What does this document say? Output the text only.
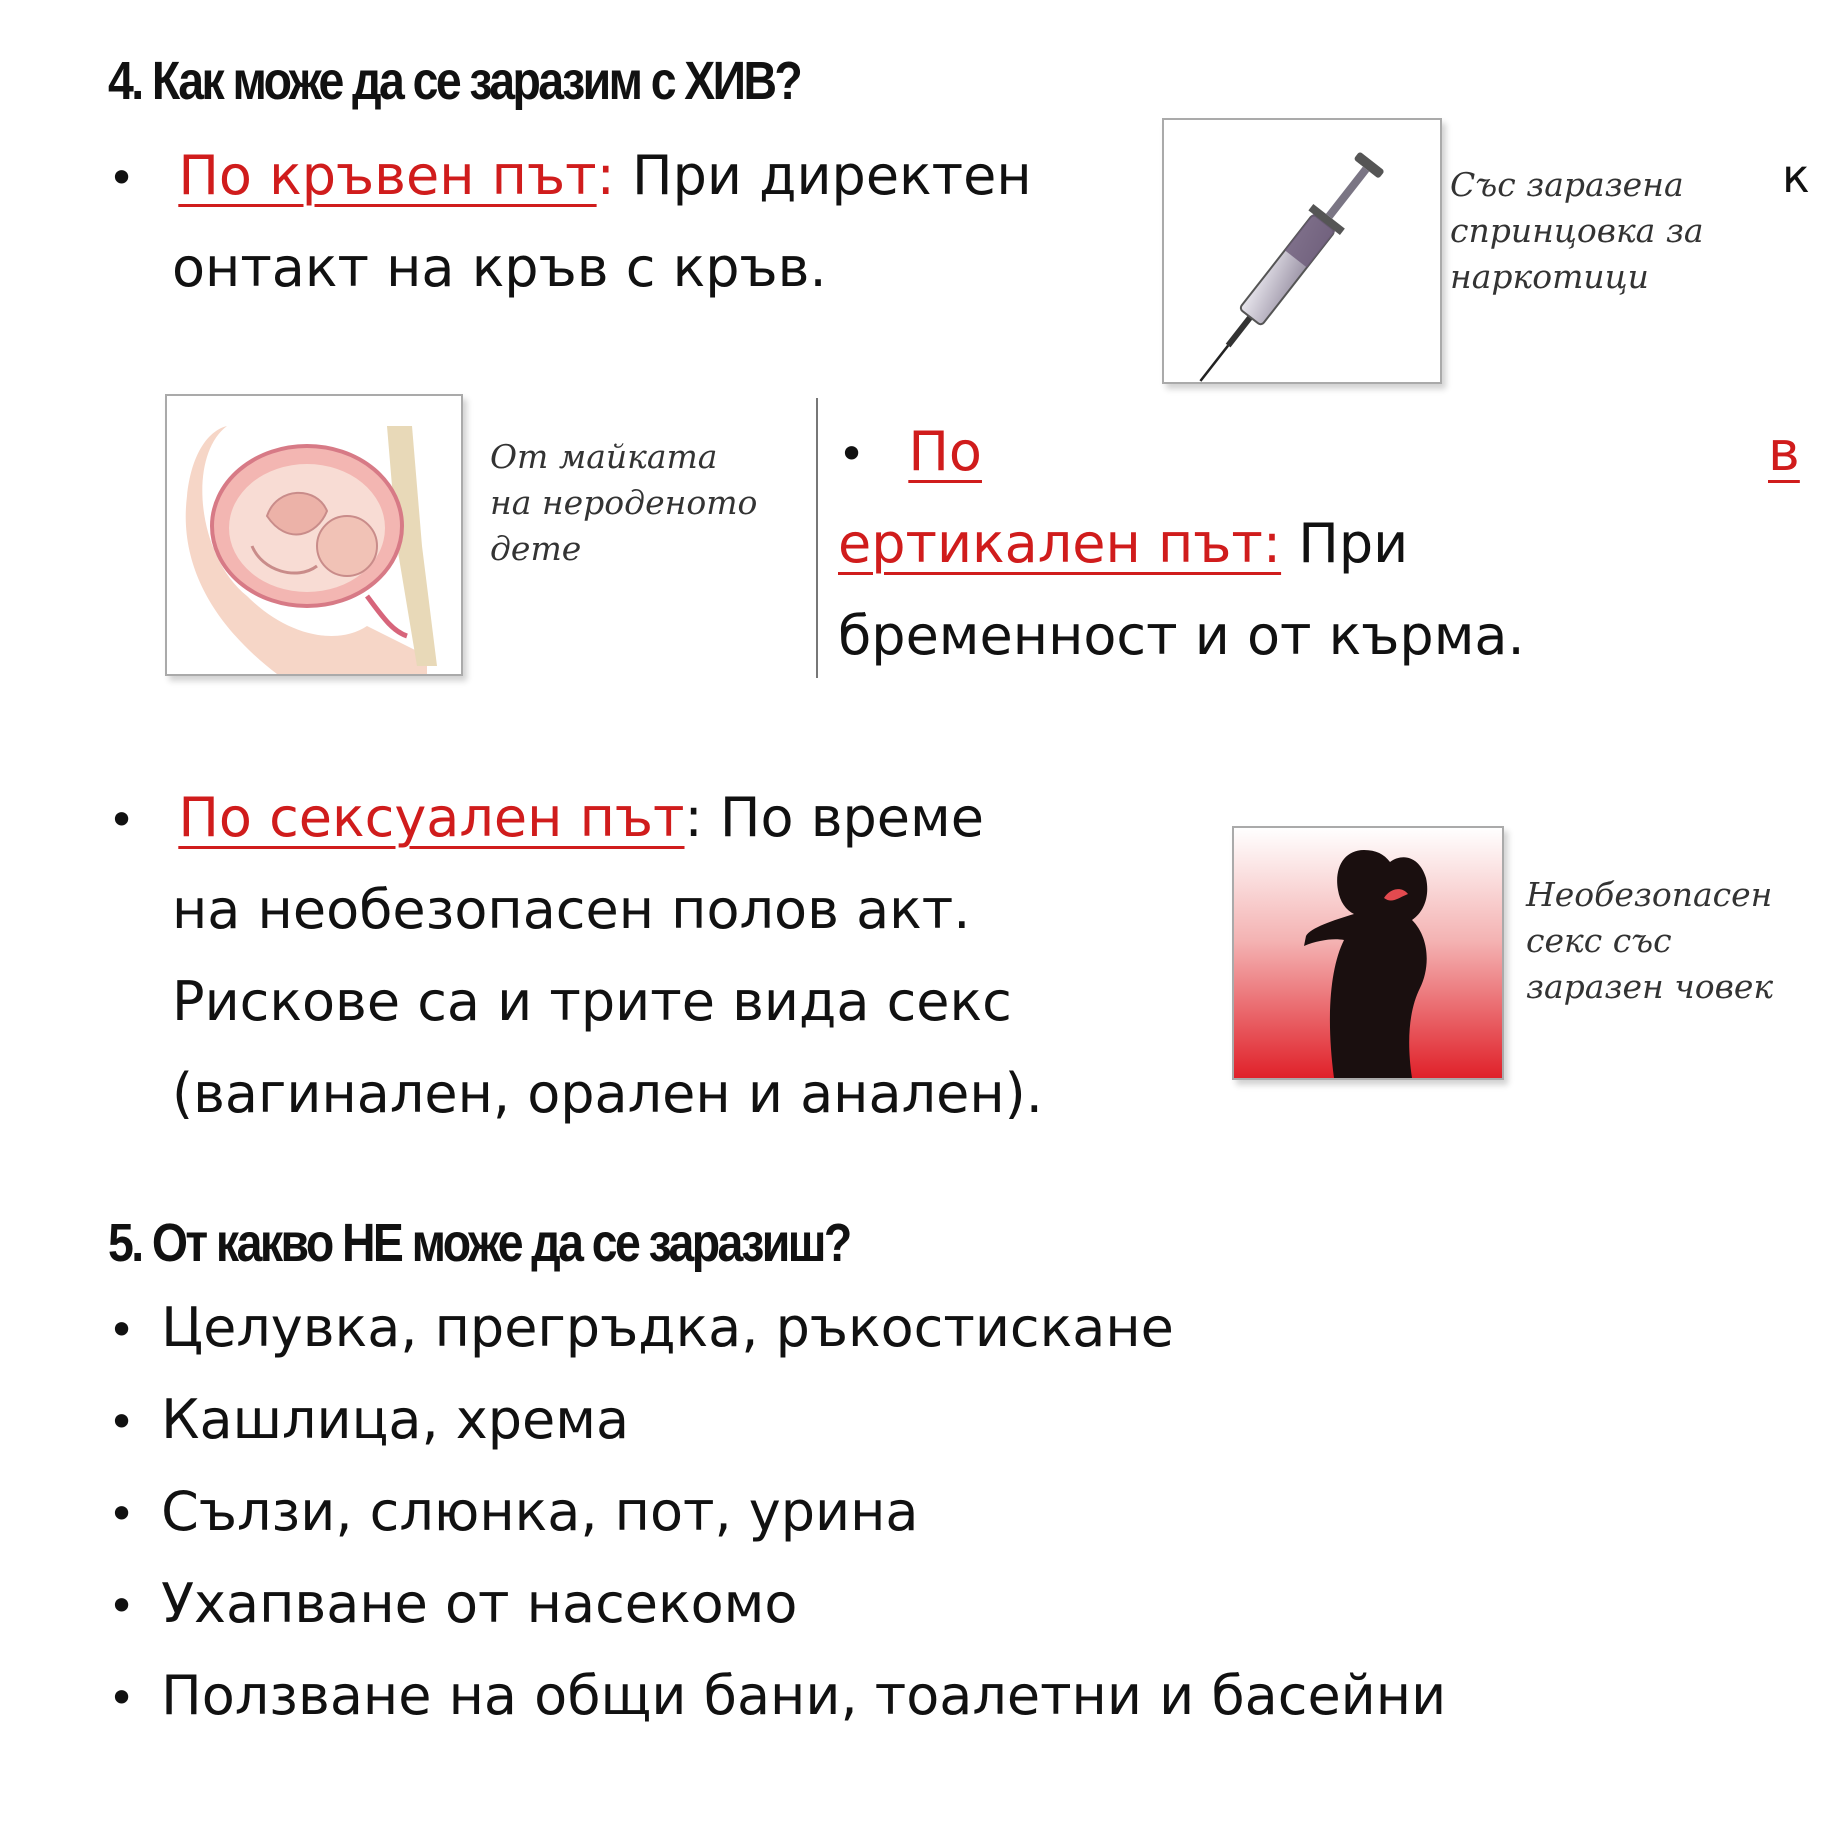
4. Как може да се заразим с ХИВ?
• По кръвен път: При директен
онтакт на кръв с кръв.
к
Със заразена
спринцовка за
наркотици
От майката
на нероденото
дете
• По	в
ертикален път: При
бременност и от кърма.
• По сексуален път: По време
на необезопасен полов акт.
Рискове са и трите вида секс
(вагинален, орален и анален).
Необезопасен
секс със
заразен човек
5. От какво НЕ може да се заразиш?
• Целувка, прегръдка, ръкостискане
• Кашлица, хрема
• Сълзи, слюнка, пот, урина
• Ухапване от насекомо
• Ползване на общи бани, тоалетни и басейни
